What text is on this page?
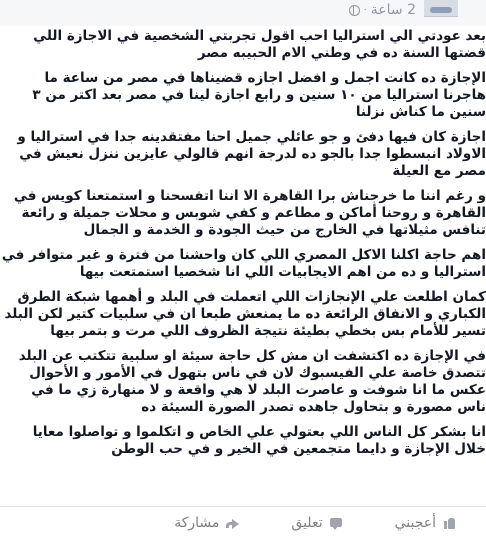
2 ساعة
·
بعد عودتي الي استراليا احب اقول تجربتي الشخصية في الاجازة اللي
قضتها السنة ده في وطني الام الحبيبه مصر
الإجازة ده كانت اجمل و افضل اجازه قضيناها في مصر من ساعة ما
هاجرنا استراليا من ١٠ سنين و رابع اجازة لينا في مصر بعد اكتر من ٣
سنين ما كناش نزلنا
اجازة كان فيها دفئ و جو عائلي جميل احنا مفتقدينه جدا في استراليا و
الاولاد انبسطوا جدا بالجو ده لدرجة انهم قالولي عايزين ننزل نعيش في
مصر مع العيلة
و رغم اننا ما خرجناش برا القاهرة الا اننا اتفسحنا و استمتعنا كويس في
القاهرة و روحنا أماكن و مطاعم و كفي شوبس و محلات جميلة و رائعة
تنافس مثيلاتها في الخارج من حيث الجودة و الخدمة و الجمال
اهم حاجة اكلنا الاكل المصري اللي كان واحشنا من فترة و غير متوافر في
استراليا و ده من اهم الايجابيات اللي انا شخصيا استمتعت بيها
كمان اطلعت علي الإنجازات اللي اتعملت في البلد و أهمها شبكة الطرق
الكباري و الانفاق الرائعة ده ما يمنعش طبعا ان في سلبيات كتير لكن البلد
تسير للأمام بس بخطي بطيئة نتيجة الظروف اللي مرت و بتمر بيها
في الإجازة ده اكتشفت ان مش كل حاجة سيئة او سلبية تتكتب عن البلد
تتصدق خاصة علي الفيسبوك لان في ناس بتهول في الأمور و الأحوال
عكس ما انا شوفت و عاصرت البلد لا هي واقعة و لا منهارة زي ما في
ناس مصورة و بتحاول جاهده تصدر الصورة السيئة ده
انا بشكر كل الناس اللي بعتولي علي الخاص و اتكلموا و تواصلوا معايا
خلال الإجازة و دايما متجمعين في الخير و في حب الوطن
أعجبني
تعليق
مشاركة
